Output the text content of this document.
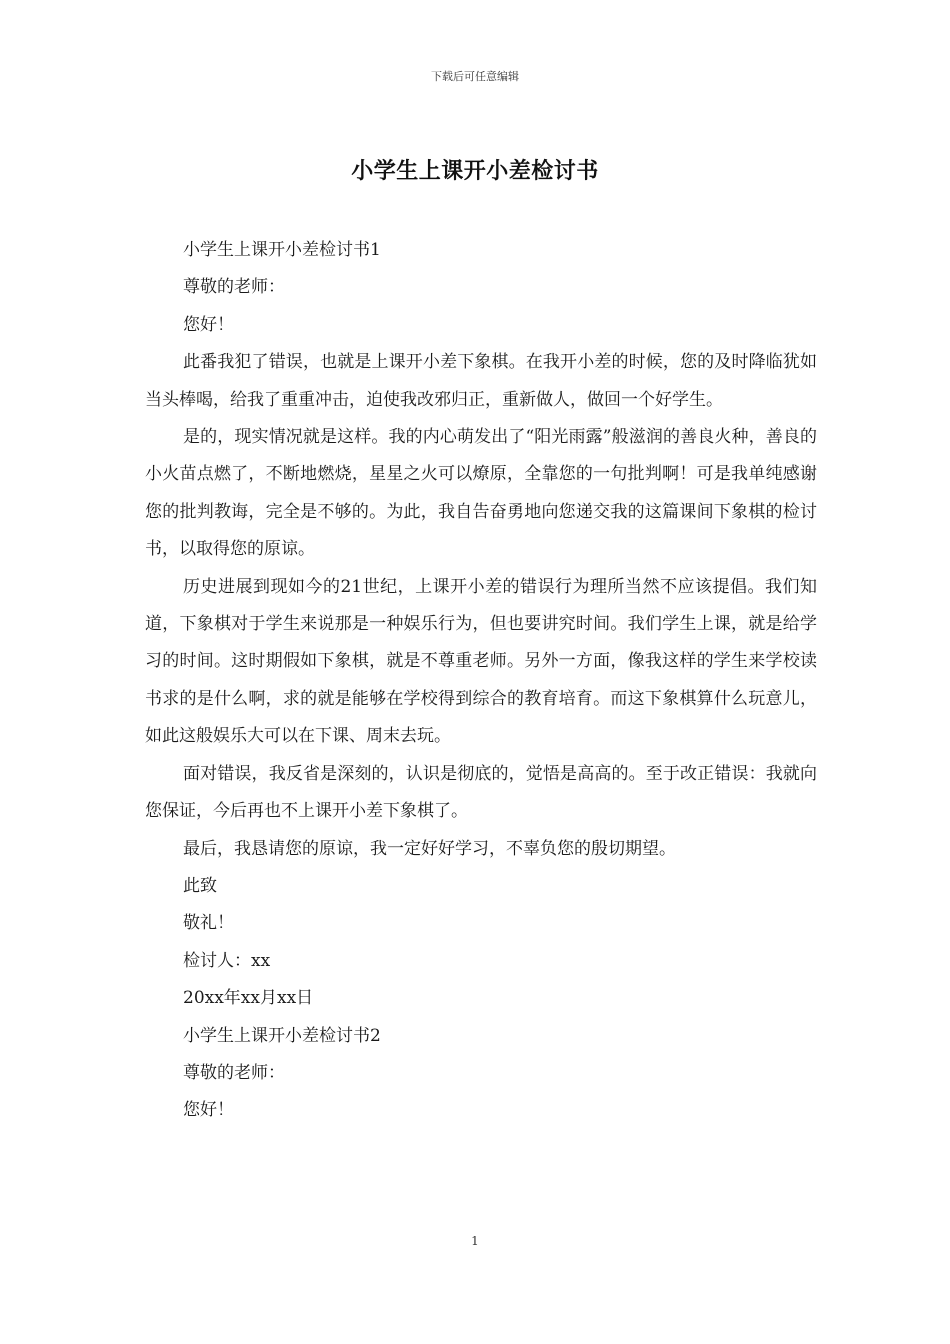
下载后可任意编辑
小学生上课开小差检讨书

小学生上课开小差检讨书1

尊敬的老师：

您好！

此番我犯了错误，也就是上课开小差下象棋。在我开小差的时候，您的及时降临犹如当头棒喝，给我了重重冲击，迫使我改邪归正，重新做人，做回一个好学生。

是的，现实情况就是这样。我的内心萌发出了“阳光雨露”般滋润的善良火种，善良的小火苗点燃了，不断地燃烧，星星之火可以燎原，全靠您的一句批判啊！可是我单纯感谢您的批判教诲，完全是不够的。为此，我自告奋勇地向您递交我的这篇课间下象棋的检讨书，以取得您的原谅。

历史进展到现如今的21世纪，上课开小差的错误行为理所当然不应该提倡。我们知道，下象棋对于学生来说那是一种娱乐行为，但也要讲究时间。我们学生上课，就是给学习的时间。这时期假如下象棋，就是不尊重老师。另外一方面，像我这样的学生来学校读书求的是什么啊，求的就是能够在学校得到综合的教育培育。而这下象棋算什么玩意儿，如此这般娱乐大可以在下课、周末去玩。

面对错误，我反省是深刻的，认识是彻底的，觉悟是高高的。至于改正错误：我就向您保证，今后再也不上课开小差下象棋了。

最后，我恳请您的原谅，我一定好好学习，不辜负您的殷切期望。

此致

敬礼！

检讨人：xx

20xx年xx月xx日

小学生上课开小差检讨书2

尊敬的老师：

您好！

1
